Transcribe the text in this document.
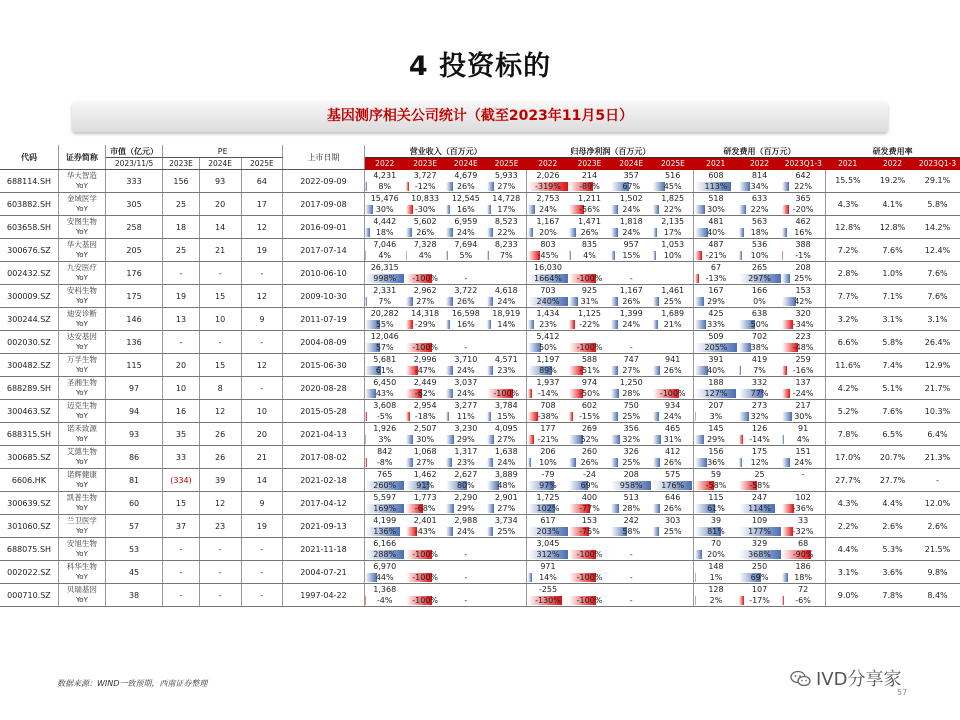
4 投资标的
基因测序相关公司统计（截至2023年11月5日）
代码	证券简称	市值（亿元）	PE			上市日期	营业收入（百万元）				归母净利润（百万元）				研发费用（百万元）			研发费用率		
		2023/11/5	2023E	2024E	2025E		2022	2023E	2024E	2025E	2022	2023E	2024E	2025E	2021	2022	2023Q1-3	2021	2022	2023Q1-3
688114.SH	华大智造	333	156	93	64	2022-09-09	4,231	3,727	4,679	5,933	2,026	214	357	516	608	814	642	15.5%	19.2%	29.1%
	YoY						8%	-12%	26%	27%	-319%	-89%	67%	45%	113%	34%	22%			
603882.SH	金域医学	305	25	20	17	2017-09-08	15,476	10,833	12,545	14,728	2,753	1,211	1,502	1,825	518	633	365	4.3%	4.1%	5.8%
	YoY						30%	-30%	16%	17%	24%	-56%	24%	22%	30%	22%	-20%			
603658.SH	安图生物	258	18	14	12	2016-09-01	4,442	5,602	6,959	8,523	1,167	1,471	1,818	2,135	481	563	462	12.8%	12.8%	14.2%
	YoY						18%	26%	24%	22%	20%	26%	24%	17%	40%	18%	16%			
300676.SZ	华大基因	205	25	21	19	2017-07-14	7,046	7,328	7,694	8,233	803	835	957	1,053	487	536	388	7.2%	7.6%	12.4%
	YoY						4%	4%	5%	7%	-45%	4%	15%	10%	-21%	10%	-1%			
002432.SZ	九安医疗	176	-	-	-	2010-06-10	26,315				16,030				67	265	208	2.8%	1.0%	7.6%
	YoY						998%	-100%	-		1664%	-100%	-		-13%	297%	25%			
300009.SZ	安科生物	175	19	15	12	2009-10-30	2,331	2,962	3,722	4,618	703	925	1,167	1,461	167	166	153	7.7%	7.1%	7.6%
	YoY						7%	27%	26%	24%	240%	31%	26%	25%	29%	0%	42%			
300244.SZ	迪安诊断	146	13	10	9	2011-07-19	20,282	14,318	16,598	18,919	1,434	1,125	1,399	1,689	425	638	320	3.2%	3.1%	3.1%
	YoY						55%	-29%	16%	14%	23%	-22%	24%	21%	33%	50%	-34%			
002030.SZ	达安基因	136	-	-	-	2004-08-09	12,046				5,412				509	702	223	6.6%	5.8%	26.4%
	YoY						57%	-100%	-		50%	-100%	-		205%	38%	-48%			
300482.SZ	万孚生物	115	20	15	12	2015-06-30	5,681	2,996	3,710	4,571	1,197	588	747	941	391	419	259	11.6%	7.4%	12.9%
	YoY						61%	-47%	24%	23%	89%	-51%	27%	26%	40%	7%	-16%			
688289.SH	圣湘生物	97	10	8	-	2020-08-28	6,450	2,449	3,037		1,937	974	1,250		188	332	137	4.2%	5.1%	21.7%
	YoY						43%	-62%	24%	-100%	-14%	-50%	28%	-100%	127%	77%	-24%			
300463.SZ	迈克生物	94	16	12	10	2015-05-28	3,608	2,954	3,277	3,784	708	602	750	934	207	273	217	5.2%	7.6%	10.3%
	YoY						-5%	-18%	11%	15%	-38%	-15%	25%	24%	3%	32%	30%			
688315.SH	诺禾致源	93	35	26	20	2021-04-13	1,926	2,507	3,230	4,095	177	269	356	465	145	126	91	7.8%	6.5%	6.4%
	YoY						3%	30%	29%	27%	-21%	52%	32%	31%	29%	-14%	4%			
300685.SZ	艾德生物	86	33	26	21	2017-08-02	842	1,068	1,317	1,638	206	260	326	412	156	175	151	17.0%	20.7%	21.3%
	YoY						-8%	27%	23%	24%	10%	26%	25%	26%	36%	12%	24%			
6606.HK	诺辉健康	81	(334)	39	14	2021-02-18	765	1,462	2,627	3,889	-79	-24	208	575	59	25	-	27.7%	27.7%	-
	YoY						260%	91%	80%	48%	97%	69%	958%	176%	-58%	-58%				
300639.SZ	凯普生物	60	15	12	9	2017-04-12	5,597	1,773	2,290	2,901	1,725	400	513	646	115	247	102	4.3%	4.4%	12.0%
	YoY						169%	-68%	29%	27%	102%	-77%	28%	26%	61%	114%	-36%			
301060.SZ	兰卫医学	57	37	23	19	2021-09-13	4,199	2,401	2,988	3,734	617	153	242	303	39	109	33	2.2%	2.6%	2.6%
	YoY						136%	-43%	24%	25%	203%	-75%	58%	25%	81%	177%	-32%			
688075.SH	安旭生物	53	-	-	-	2021-11-18	6,166				3,045				70	329	68	4.4%	5.3%	21.5%
	YoY						288%	-100%	-		312%	-100%	-		20%	368%	-90%			
002022.SZ	科华生物	45	-	-	-	2004-07-21	6,970				971				148	250	186	3.1%	3.6%	9.8%
	YoY						44%	-100%	-		14%	-100%	-		1%	69%	18%			
000710.SZ	贝瑞基因	38	-	-	-	1997-04-22	1,368				-255				128	107	72	9.0%	7.8%	8.4%
	YoY						-4%	-100%	-		-130%	-100%	-		2%	-17%	-6%			
数据来源：WIND一致预期，西南证券整理	IVD分享家
57
